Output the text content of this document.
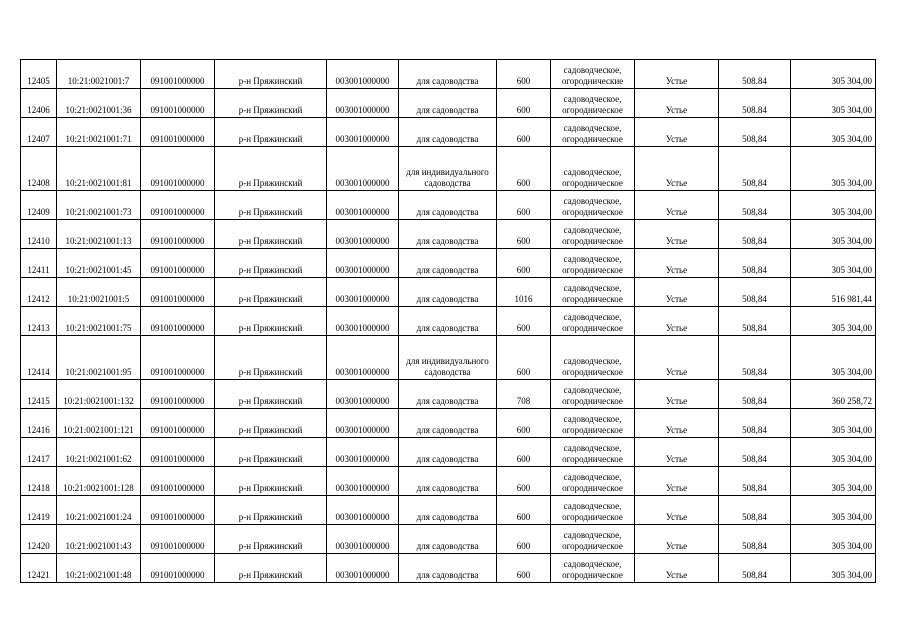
12405	10:21:0021001:7	091001000000	р-н Пряжинский	003001000000	для садоводства	600	садоводческое, огороднические	Устье	508.84	305 304,00
12406	10:21:0021001:36	091001000000	р-н Пряжинский	003001000000	для садоводства	600	садоводческое, огородническое	Устье	508.84	305 304,00
12407	10:21:0021001:71	091001000000	р-н Пряжинский	003001000000	для садоводства	600	садоводческое, огородническое	Устье	508,84	305 304,00
12408	10:21:0021001:81	091001000000	р-н Пряжинский	003001000000	для индивидуального садоводства	600	садоводческое, огородническое	Устье	508,84	305 304,00
12409	10:21:0021001:73	091001000000	р-н Пряжинский	003001000000	для садоводства	600	садоводческое, огородническое	Устье	508,84	305 304,00
12410	10:21:0021001:13	091001000000	р-н Пряжинский	003001000000	для садоводства	600	садоводческое, огородническое	Устье	508,84	305 304,00
12411	10:21:0021001:45	091001000000	р-н Пряжинский	003001000000	для садоводства	600	садоводческое, огородническое	Устье	508,84	305 304,00
12412	10:21:0021001:5	091001000000	р-н Пряжинский	003001000000	для садоводства	1016	садоводческое, огородническое	Устье	508,84	516 981,44
12413	10:21:0021001:75	091001000000	р-н Пряжинский	003001000000	для садоводства	600	садоводческое, огородническое	Устье	508,84	305 304,00
12414	10:21:0021001:95	091001000000	р-н Пряжинский	003001000000	для индивидуального садоводства	600	садоводческое, огородническое	Устье	508,84	305 304,00
12415	10:21:0021001:132	091001000000	р-н Пряжинский	003001000000	для садоводства	708	садоводческое, огородническое	Устье	508,84	360 258,72
12416	10:21:0021001:121	091001000000	р-н Пряжинский	003001000000	для садоводства	600	садоводческое, огородническое	Устье	508,84	305 304,00
12417	10:21:0021001:62	091001000000	р-н Пряжинский	003001000000	для садоводства	600	садоводческое, огородническое	Устье	508,84	305 304,00
12418	10:21:0021001:128	091001000000	р-н Пряжинский	003001000000	для садоводства	600	садоводческое, огородническое	Устье	508,84	305 304,00
12419	10:21:0021001:24	091001000000	р-н Пряжинский	003001000000	для садоводства	600	садоводческое, огородническое	Устье	508,84	305 304,00
12420	10:21:0021001:43	091001000000	р-н Пряжинский	003001000000	для садоводства	600	садоводческое, огородническое	Устье	508,84	305 304,00
12421	10:21:0021001:48	091001000000	р-н Пряжинский	003001000000	для садоводства	600	садоводческое, огородническое	Устье	508,84	305 304,00
